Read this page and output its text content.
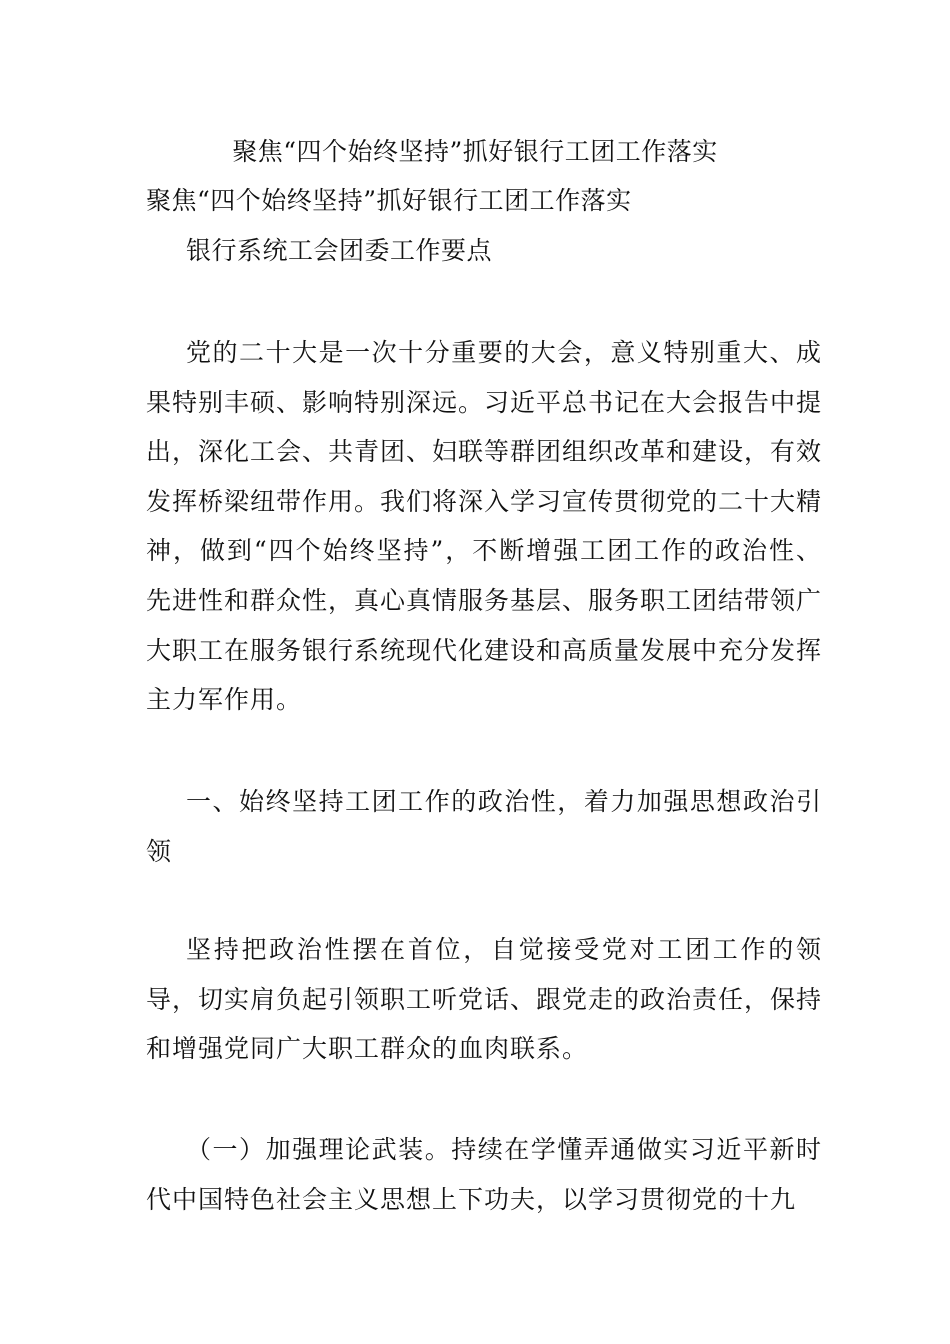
聚焦“四个始终坚持”抓好银行工团工作落实
聚焦“四个始终坚持”抓好银行工团工作落实
银行系统工会团委工作要点

党的二十大是一次十分重要的大会，意义特别重大、成果特别丰硕、影响特别深远。习近平总书记在大会报告中提出，深化工会、共青团、妇联等群团组织改革和建设，有效发挥桥梁纽带作用。我们将深入学习宣传贯彻党的二十大精神，做到“四个始终坚持”，不断增强工团工作的政治性、先进性和群众性，真心真情服务基层、服务职工团结带领广大职工在服务银行系统现代化建设和高质量发展中充分发挥主力军作用。

一、始终坚持工团工作的政治性，着力加强思想政治引领

坚持把政治性摆在首位，自觉接受党对工团工作的领导，切实肩负起引领职工听党话、跟党走的政治责任，保持和增强党同广大职工群众的血肉联系。

（一）加强理论武装。持续在学懂弄通做实习近平新时代中国特色社会主义思想上下功夫，以学习贯彻党的十九
